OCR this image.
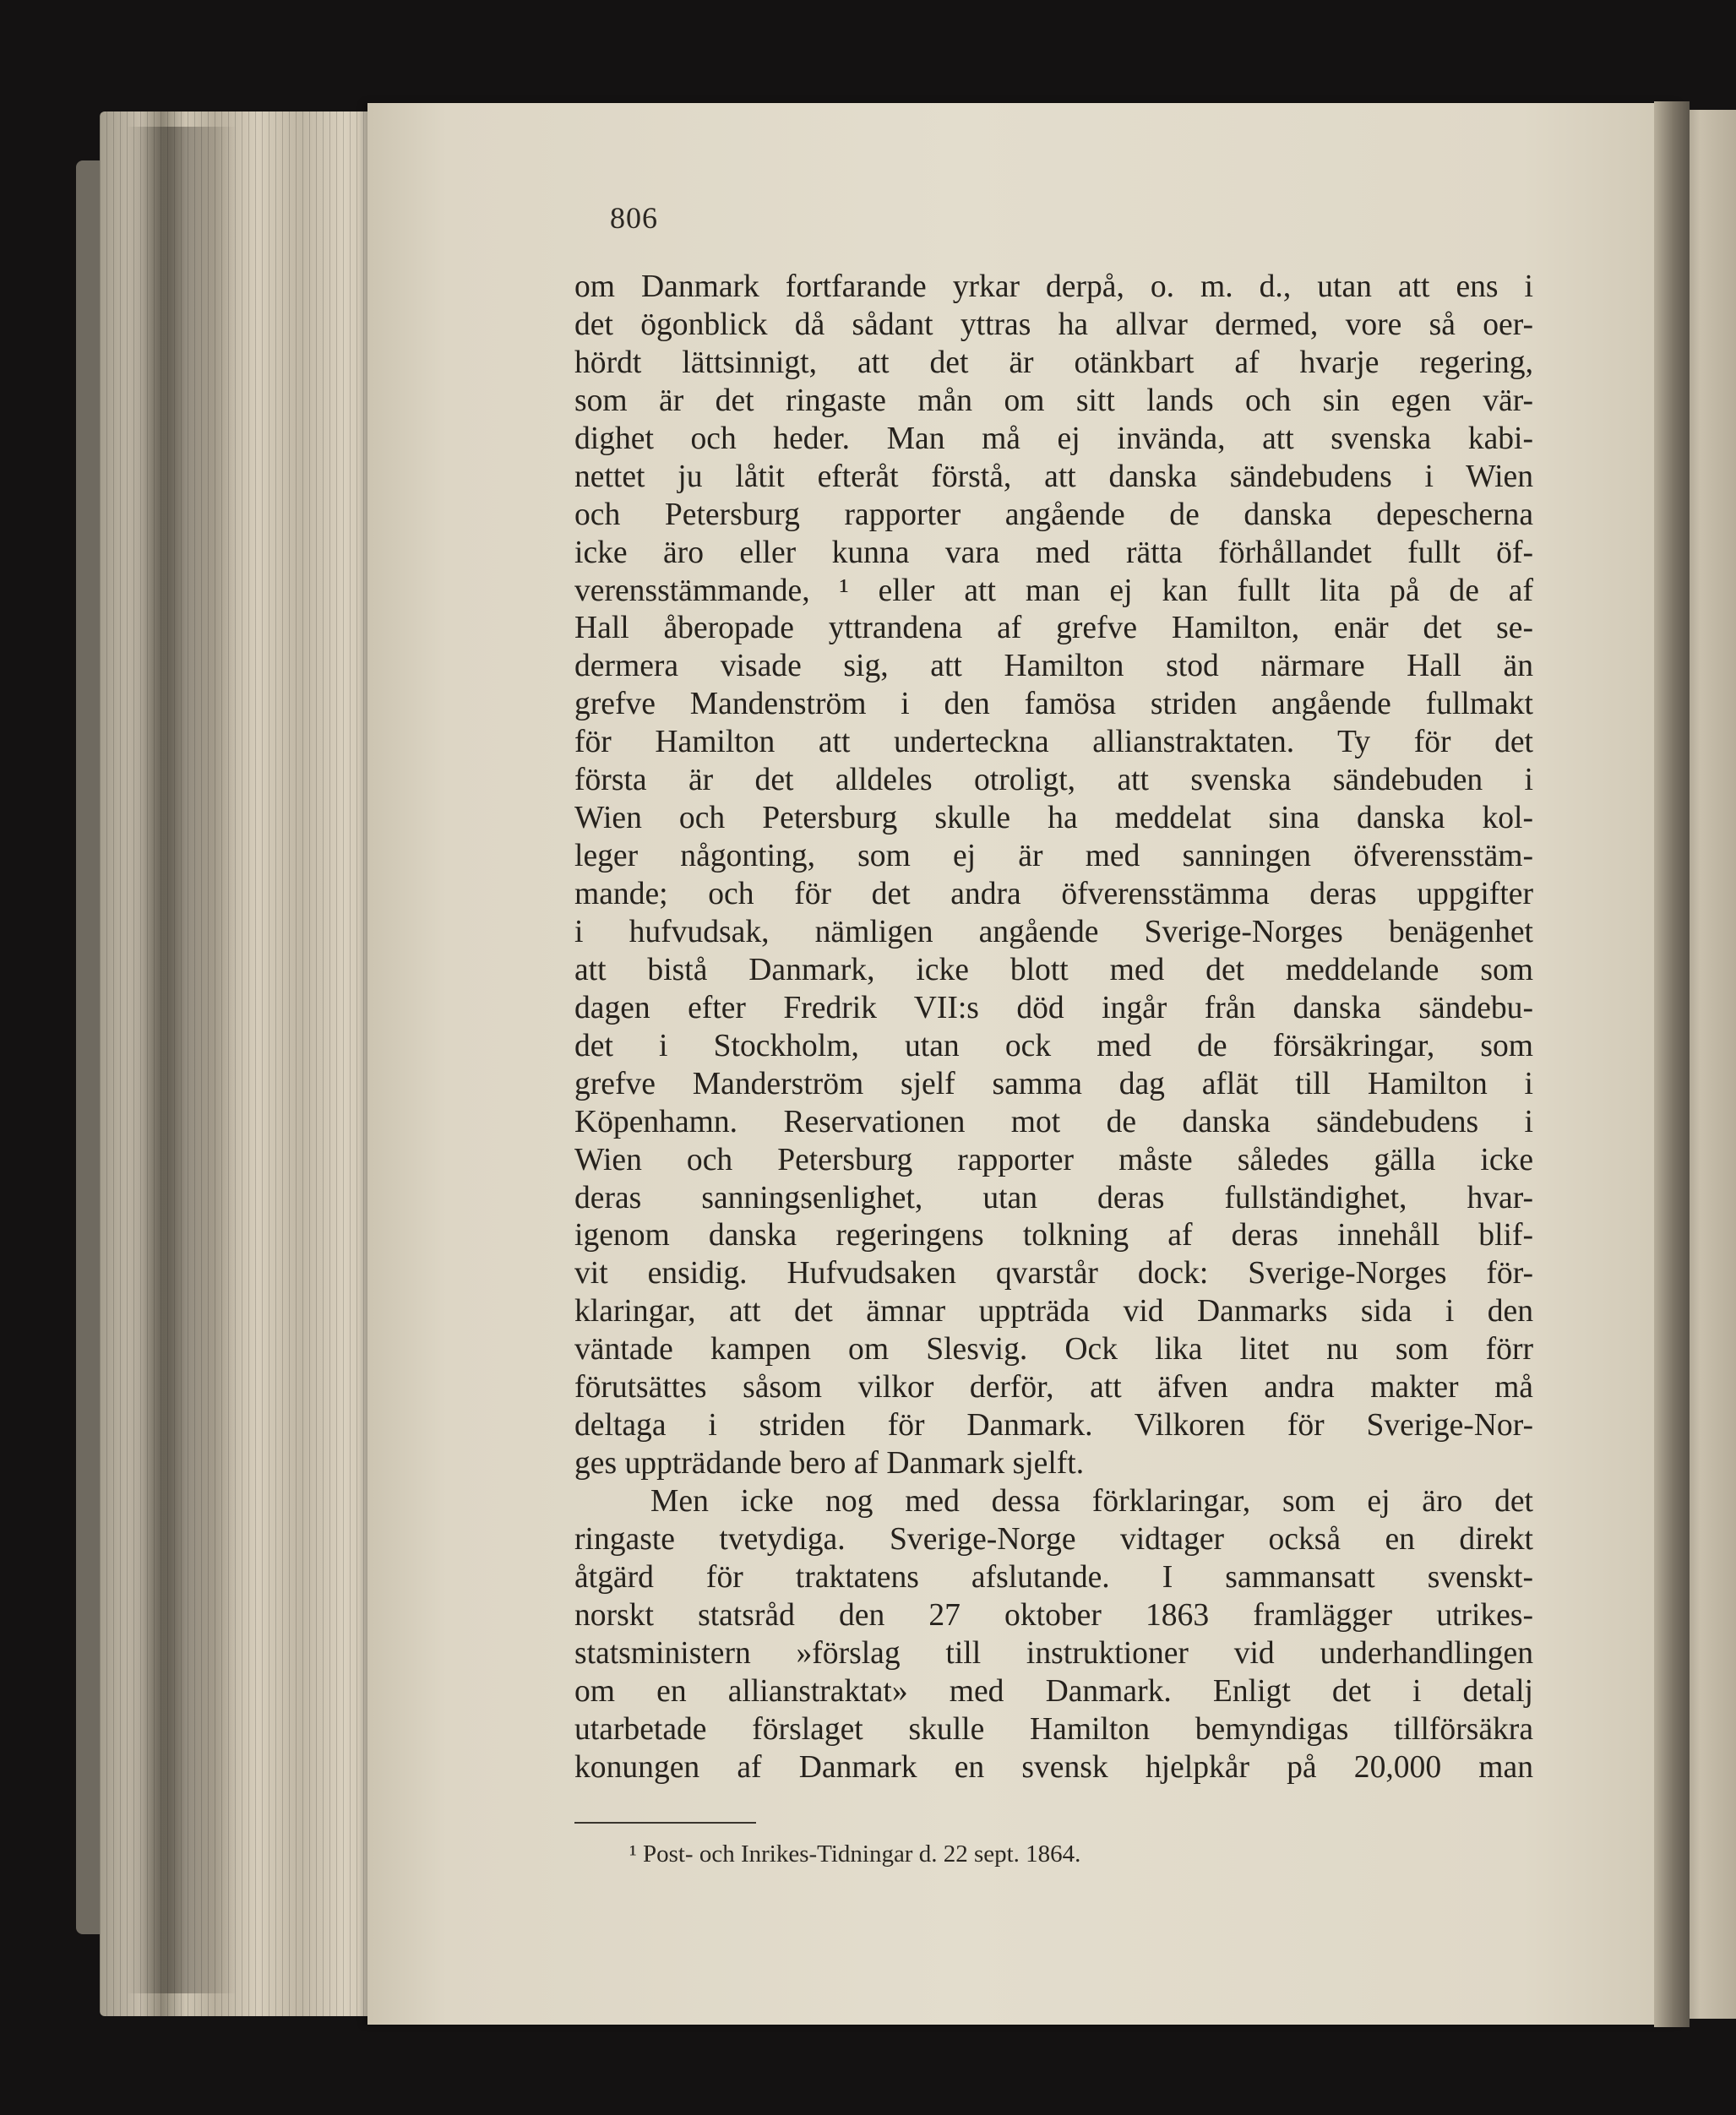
806
om Danmark fortfarande yrkar derpå, o. m. d., utan att ens i
det ögonblick då sådant yttras ha allvar dermed, vore så oer-
hördt lättsinnigt, att det är otänkbart af hvarje regering,
som är det ringaste mån om sitt lands och sin egen vär-
dighet och heder. Man må ej invända, att svenska kabi-
nettet ju låtit efteråt förstå, att danska sändebudens i Wien
och Petersburg rapporter angående de danska depescherna
icke äro eller kunna vara med rätta förhållandet fullt öf-
verensstämmande, ¹ eller att man ej kan fullt lita på de af
Hall åberopade yttrandena af grefve Hamilton, enär det se-
dermera visade sig, att Hamilton stod närmare Hall än
grefve Mandenström i den famösa striden angående fullmakt
för Hamilton att underteckna allianstraktaten. Ty för det
första är det alldeles otroligt, att svenska sändebuden i
Wien och Petersburg skulle ha meddelat sina danska kol-
leger någonting, som ej är med sanningen öfverensstäm-
mande; och för det andra öfverensstämma deras uppgifter
i hufvudsak, nämligen angående Sverige-Norges benägenhet
att bistå Danmark, icke blott med det meddelande som
dagen efter Fredrik VII:s död ingår från danska sändebu-
det i Stockholm, utan ock med de försäkringar, som
grefve Manderström sjelf samma dag aflät till Hamilton i
Köpenhamn. Reservationen mot de danska sändebudens i
Wien och Petersburg rapporter måste således gälla icke
deras sanningsenlighet, utan deras fullständighet, hvar-
igenom danska regeringens tolkning af deras innehåll blif-
vit ensidig. Hufvudsaken qvarstår dock: Sverige-Norges för-
klaringar, att det ämnar uppträda vid Danmarks sida i den
väntade kampen om Slesvig. Ock lika litet nu som förr
förutsättes såsom vilkor derför, att äfven andra makter må
deltaga i striden för Danmark. Vilkoren för Sverige-Nor-
ges uppträdande bero af Danmark sjelft.
Men icke nog med dessa förklaringar, som ej äro det
ringaste tvetydiga. Sverige-Norge vidtager också en direkt
åtgärd för traktatens afslutande. I sammansatt svenskt-
norskt statsråd den 27 oktober 1863 framlägger utrikes-
statsministern »förslag till instruktioner vid underhandlingen
om en allianstraktat» med Danmark. Enligt det i detalj
utarbetade förslaget skulle Hamilton bemyndigas tillförsäkra
konungen af Danmark en svensk hjelpkår på 20,000 man
¹ Post- och Inrikes-Tidningar d. 22 sept. 1864.
